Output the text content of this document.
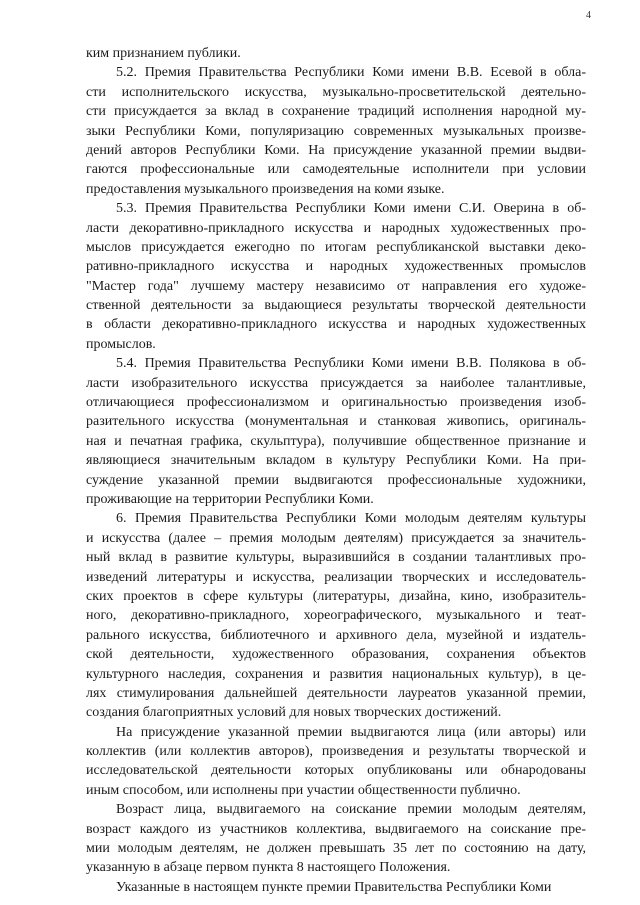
4
ким признанием публики.
5.2. Премия Правительства Республики Коми имени В.В. Есевой в обла-
сти исполнительского искусства, музыкально-просветительской деятельно-
сти присуждается за вклад в сохранение традиций исполнения народной му-
зыки Республики Коми, популяризацию современных музыкальных произве-
дений авторов Республики Коми. На присуждение указанной премии выдви-
гаются профессиональные или самодеятельные исполнители при условии
предоставления музыкального произведения на коми языке.
5.3. Премия Правительства Республики Коми имени С.И. Оверина в об-
ласти декоративно-прикладного искусства и народных художественных про-
мыслов присуждается ежегодно по итогам республиканской выставки деко-
ративно-прикладного искусства и народных художественных промыслов
"Мастер года" лучшему мастеру независимо от направления его художе-
ственной деятельности за выдающиеся результаты творческой деятельности
в области декоративно-прикладного искусства и народных художественных
промыслов.
5.4. Премия Правительства Республики Коми имени В.В. Полякова в об-
ласти изобразительного искусства присуждается за наиболее талантливые,
отличающиеся профессионализмом и оригинальностью произведения изоб-
разительного искусства (монументальная и станковая живопись, оригиналь-
ная и печатная графика, скульптура), получившие общественное признание и
являющиеся значительным вкладом в культуру Республики Коми. На при-
суждение указанной премии выдвигаются профессиональные художники,
проживающие на территории Республики Коми.
6. Премия Правительства Республики Коми молодым деятелям культуры
и искусства (далее – премия молодым деятелям) присуждается за значитель-
ный вклад в развитие культуры, выразившийся в создании талантливых про-
изведений литературы и искусства, реализации творческих и исследователь-
ских проектов в сфере культуры (литературы, дизайна, кино, изобразитель-
ного, декоративно-прикладного, хореографического, музыкального и теат-
рального искусства, библиотечного и архивного дела, музейной и издатель-
ской деятельности, художественного образования, сохранения объектов
культурного наследия, сохранения и развития национальных культур), в це-
лях стимулирования дальнейшей деятельности лауреатов указанной премии,
создания благоприятных условий для новых творческих достижений.
На присуждение указанной премии выдвигаются лица (или авторы) или
коллектив (или коллектив авторов), произведения и результаты творческой и
исследовательской деятельности которых опубликованы или обнародованы
иным способом, или исполнены при участии общественности публично.
Возраст лица, выдвигаемого на соискание премии молодым деятелям,
возраст каждого из участников коллектива, выдвигаемого на соискание пре-
мии молодым деятелям, не должен превышать 35 лет по состоянию на дату,
указанную в абзаце первом пункта 8 настоящего Положения.
Указанные в настоящем пункте премии Правительства Республики Коми
